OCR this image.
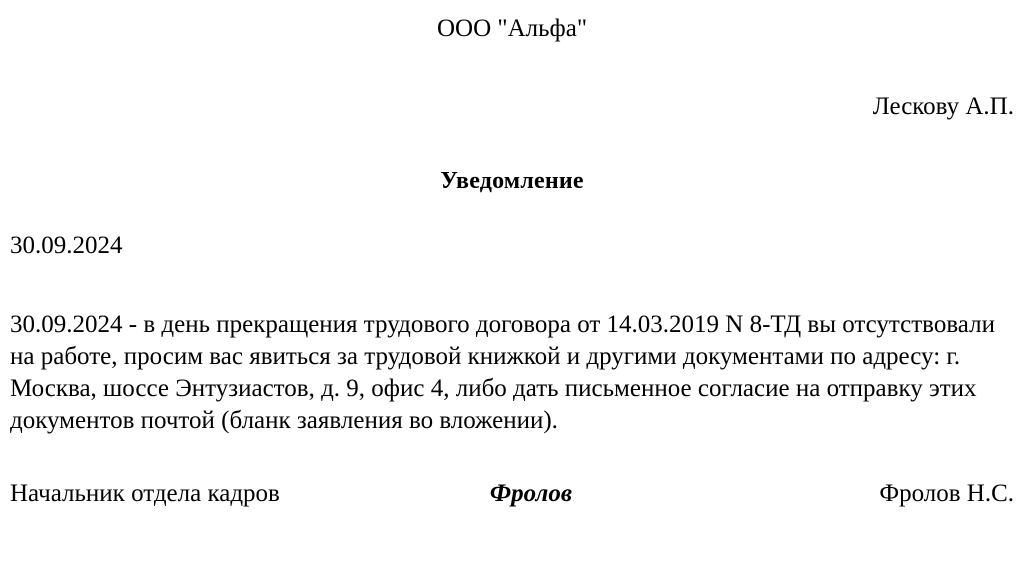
ООО "Альфа"
Лескову А.П.
Уведомление
30.09.2024
30.09.2024 - в день прекращения трудового договора от 14.03.2019 N 8-ТД вы отсутствовали на работе, просим вас явиться за трудовой книжкой и другими документами по адресу: г. Москва, шоссе Энтузиастов, д. 9, офис 4, либо дать письменное согласие на отправку этих документов почтой (бланк заявления во вложении).
Начальник отдела кадров	Фролов	Фролов Н.С.
